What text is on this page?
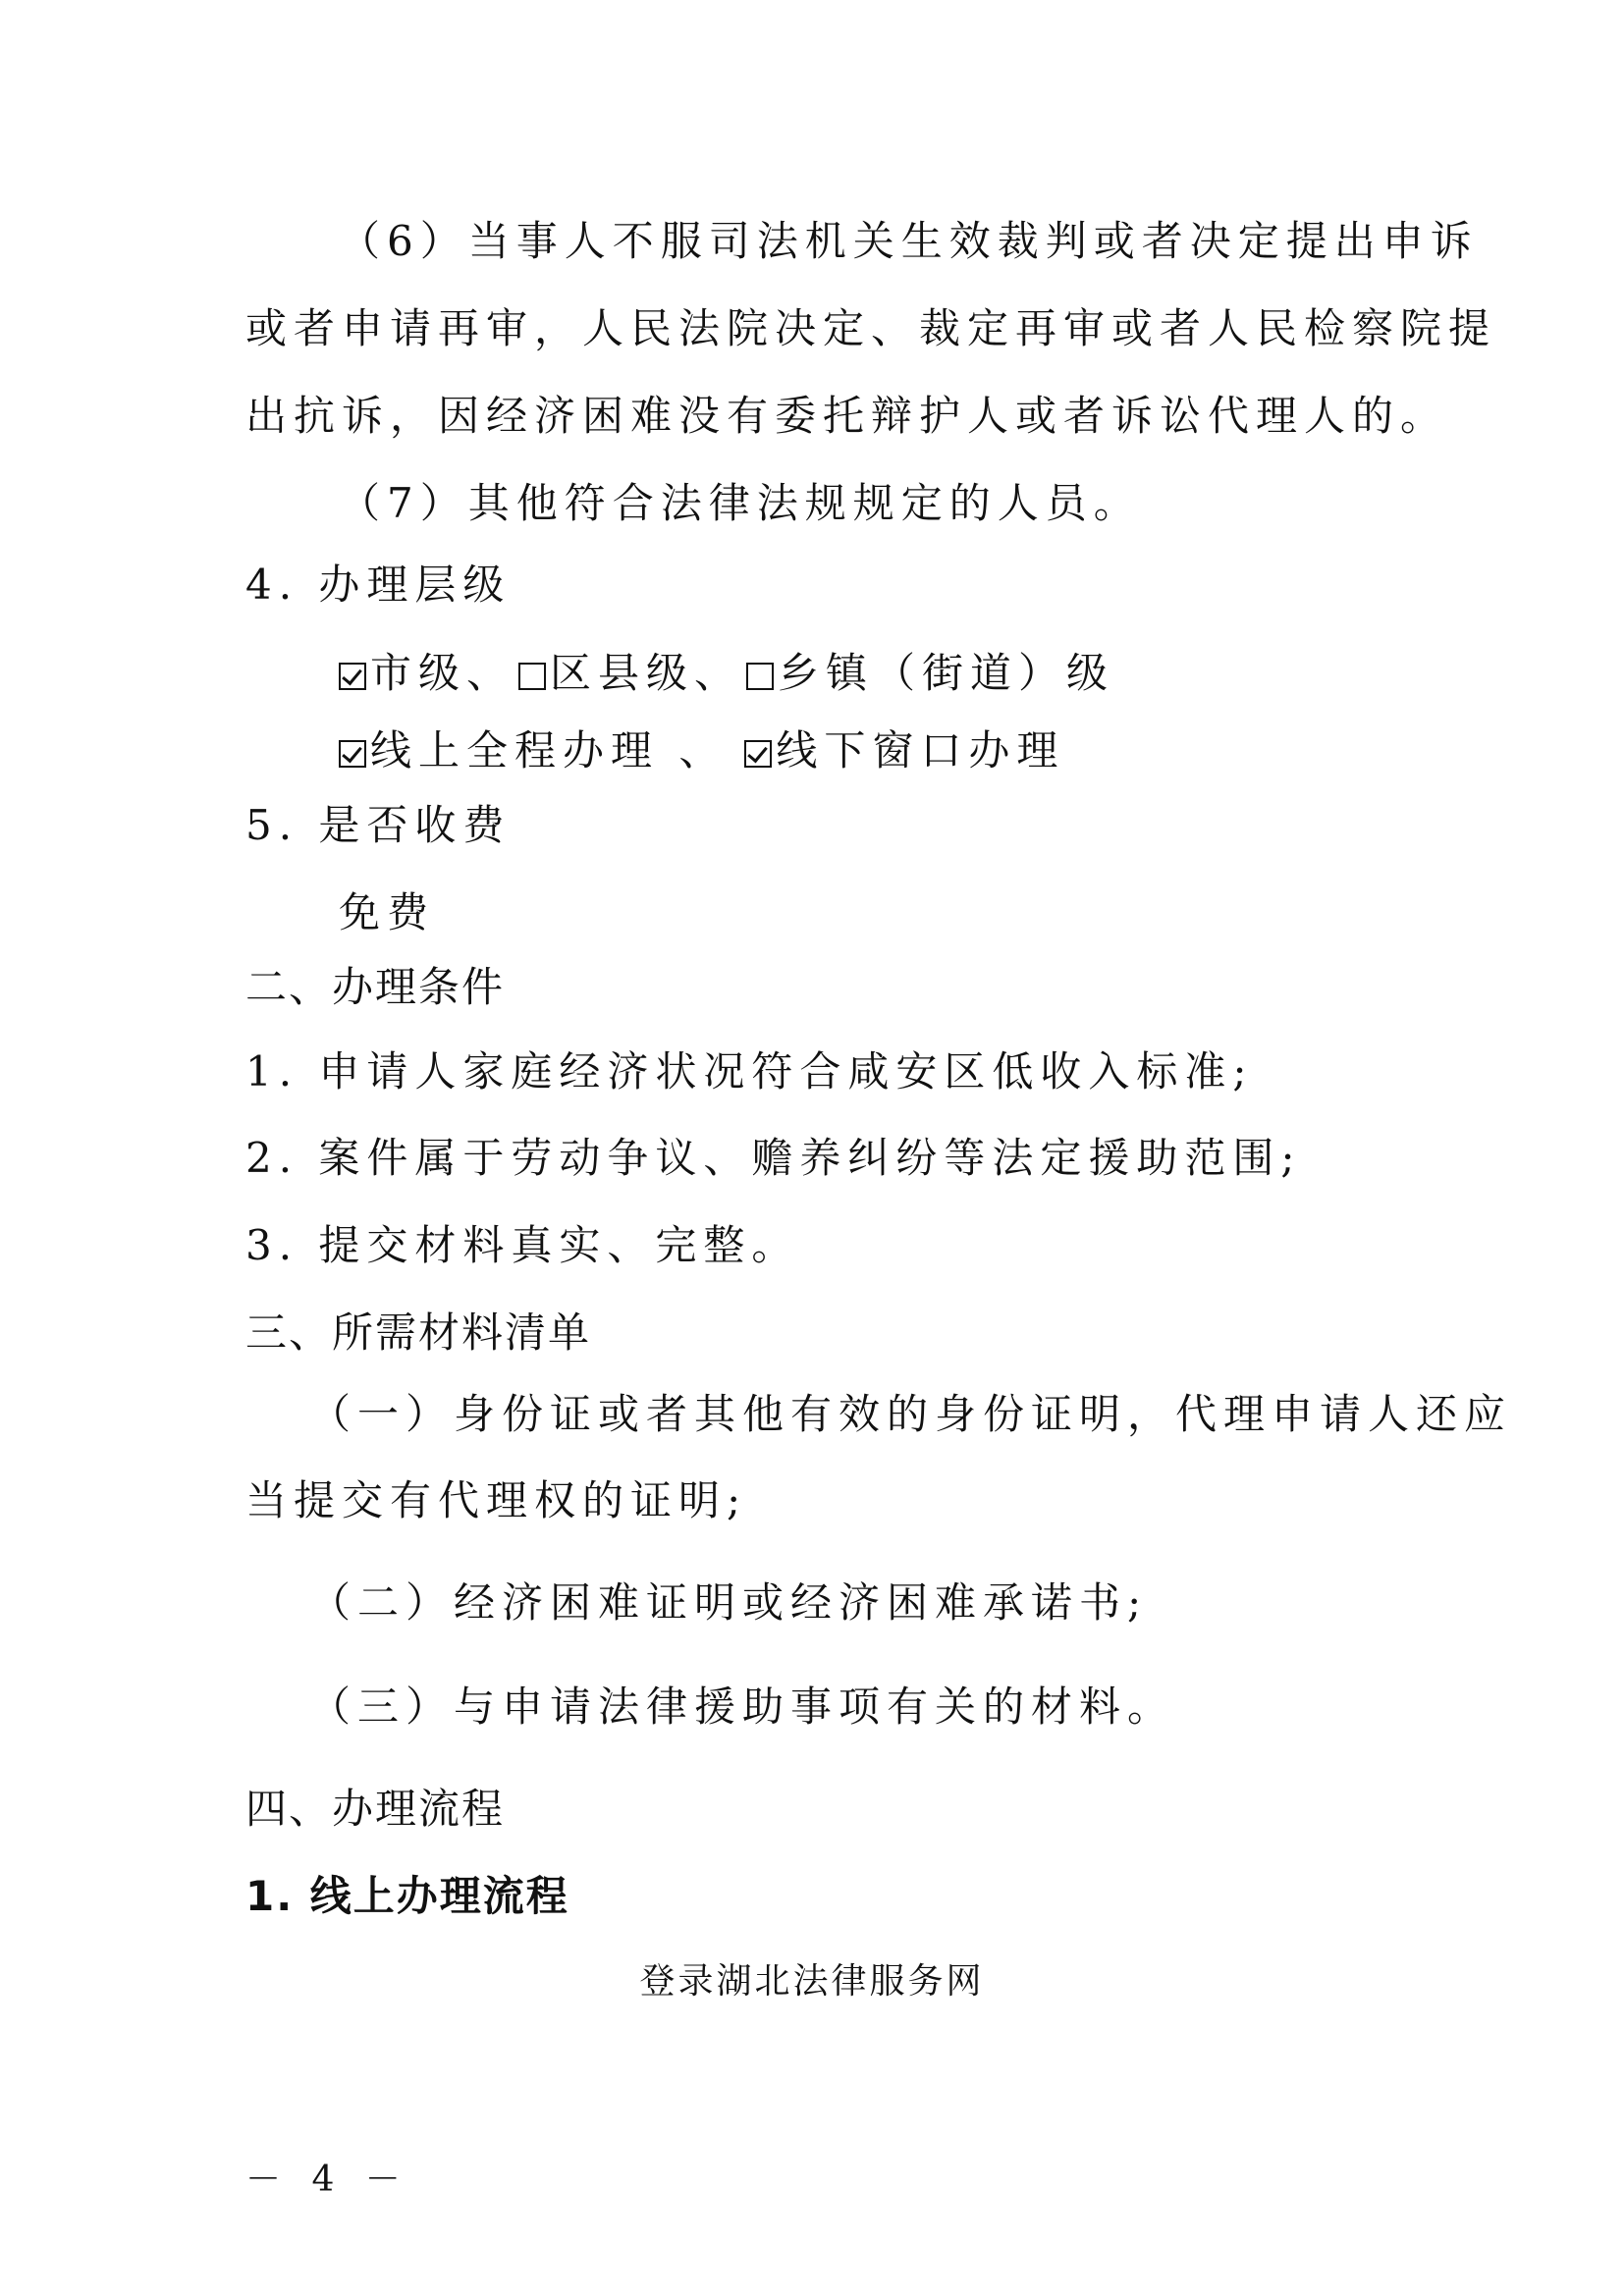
（6）当事人不服司法机关生效裁判或者决定提出申诉
或者申请再审，人民法院决定、裁定再审或者人民检察院提
出抗诉，因经济困难没有委托辩护人或者诉讼代理人的。
（7）其他符合法律法规规定的人员。
4. 办理层级
市级、 区县级、 乡镇（街道）级
线上全程办理 、 线下窗口办理
5. 是否收费
免费
二、办理条件
1. 申请人家庭经济状况符合咸安区低收入标准;
2. 案件属于劳动争议、赡养纠纷等法定援助范围;
3. 提交材料真实、完整。
三、所需材料清单
（一）身份证或者其他有效的身份证明，代理申请人还应
当提交有代理权的证明;
（二）经济困难证明或经济困难承诺书;
（三）与申请法律援助事项有关的材料。
四、办理流程
1. 线上办理流程
登录湖北法律服务网
－ 4 －
